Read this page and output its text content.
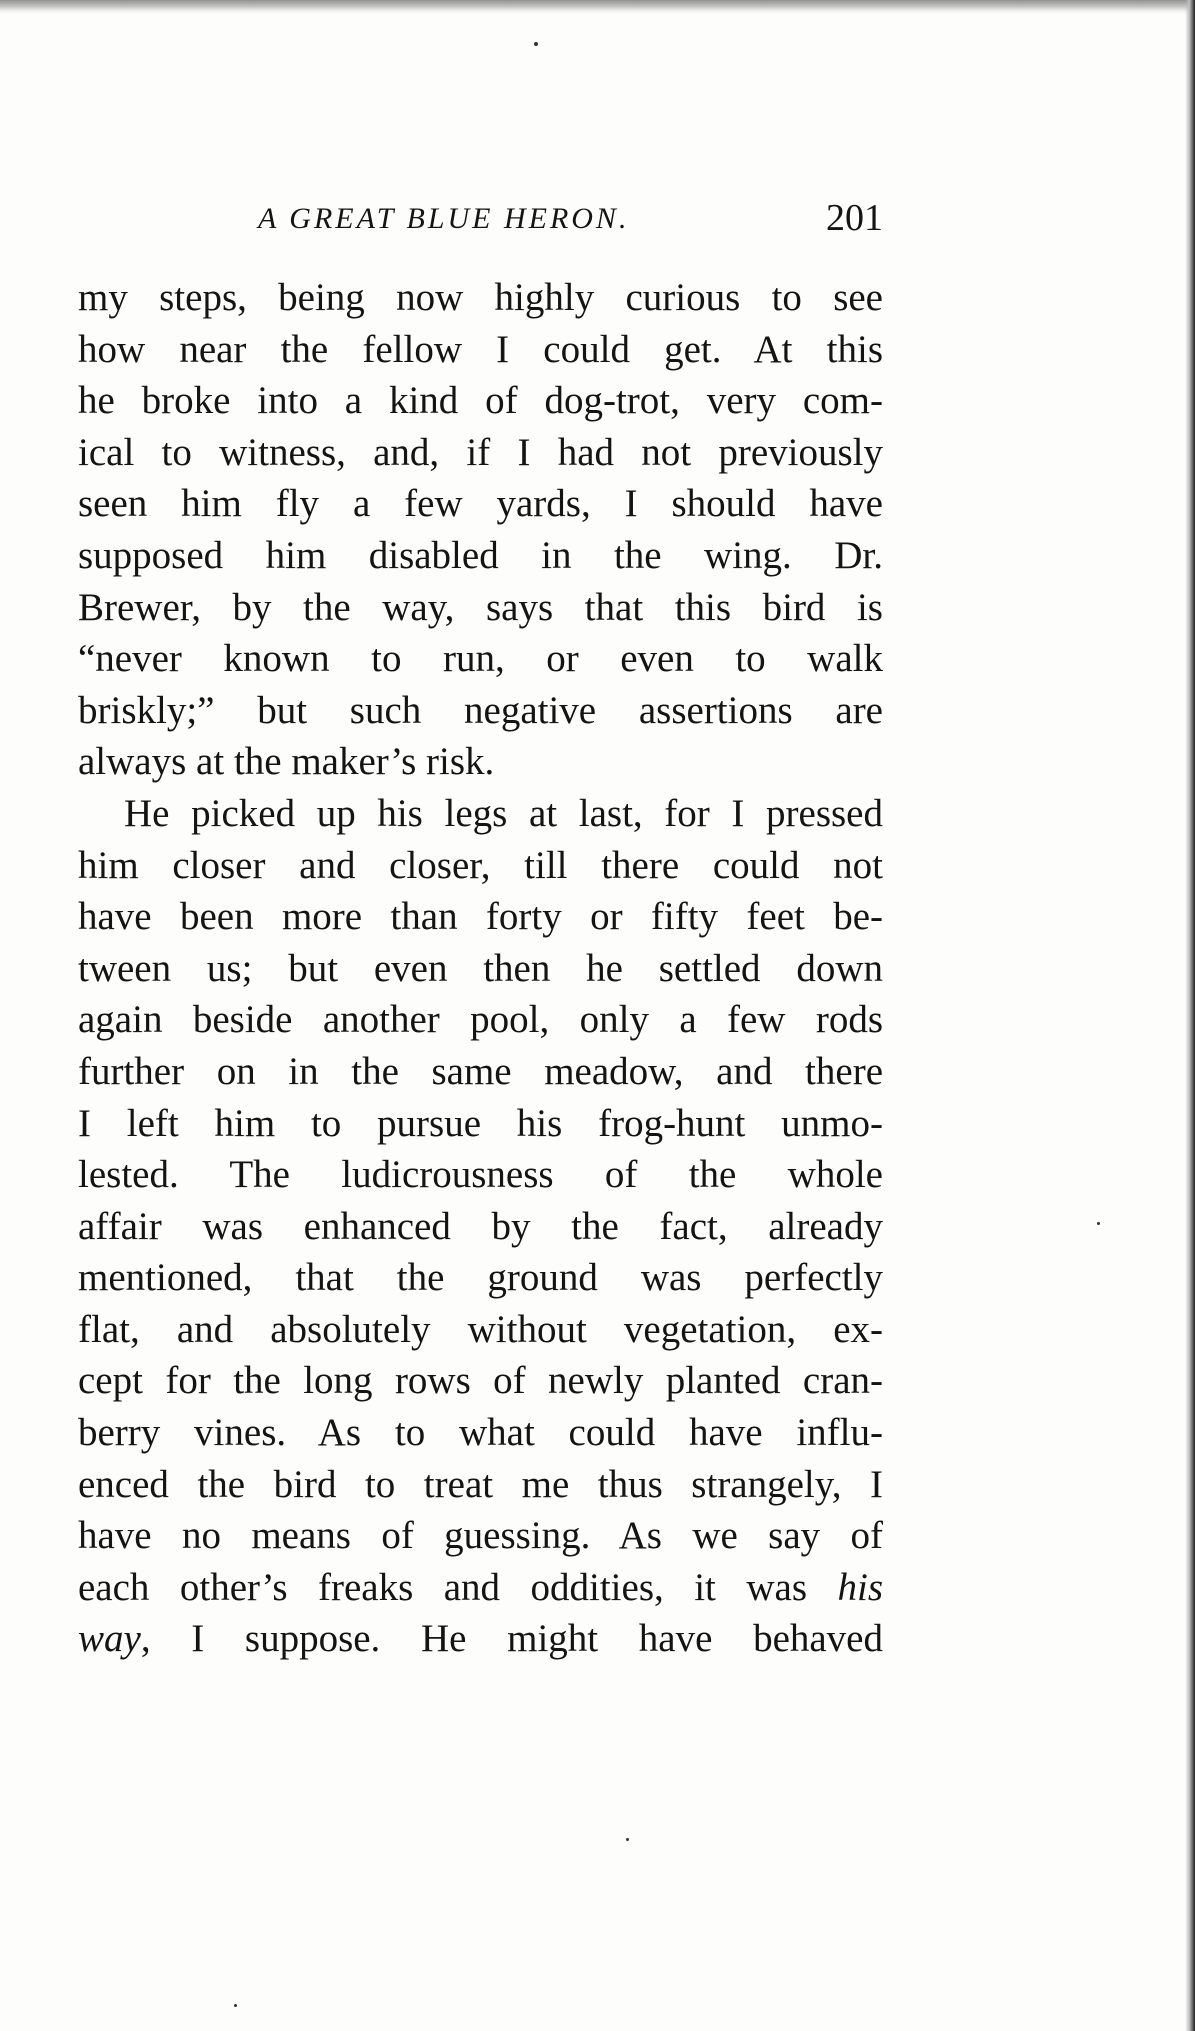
A GREAT BLUE HERON.	201
my steps, being now highly curious to see
how near the fellow I could get. At this
he broke into a kind of dog-trot, very com-
ical to witness, and, if I had not previously
seen him fly a few yards, I should have
supposed him disabled in the wing. Dr.
Brewer, by the way, says that this bird is
“never known to run, or even to walk
briskly;” but such negative assertions are
always at the maker’s risk.
He picked up his legs at last, for I pressed
him closer and closer, till there could not
have been more than forty or fifty feet be-
tween us; but even then he settled down
again beside another pool, only a few rods
further on in the same meadow, and there
I left him to pursue his frog-hunt unmo-
lested. The ludicrousness of the whole
affair was enhanced by the fact, already
mentioned, that the ground was perfectly
flat, and absolutely without vegetation, ex-
cept for the long rows of newly planted cran-
berry vines. As to what could have influ-
enced the bird to treat me thus strangely, I
have no means of guessing. As we say of
each other’s freaks and oddities, it was his
way, I suppose. He might have behaved
